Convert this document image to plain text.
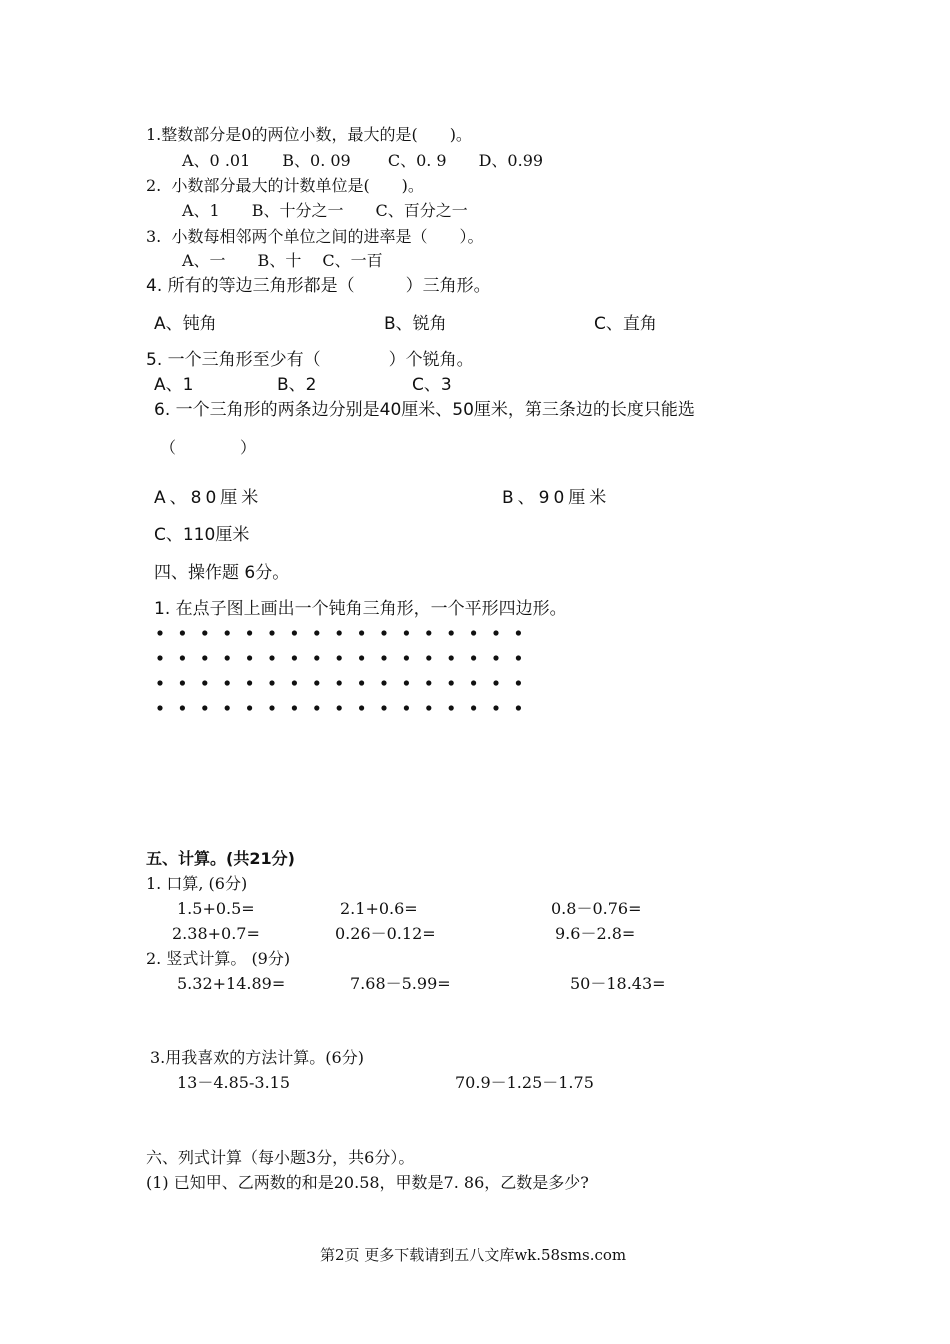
1.整数部分是0的两位小数，最大的是(　　)。
A、0 .01　　B、0. 09　　 C、0. 9　　D、0.99
2.  小数部分最大的计数单位是(　　)。
A、1　　B、十分之一　　C、百分之一
3.  小数每相邻两个单位之间的进率是（　　）。
A、一　　B、十　 C、一百
4. 所有的等边三角形都是（　　　）三角形。
A、钝角	B、锐角	C、直角
5. 一个三角形至少有（　　　　）个锐角。
A、1	B、2	C、3
6. 一个三角形的两条边分别是40厘米、50厘米，第三条边的长度只能选
（　　　　）
A、80厘米	B、90厘米
C、110厘米
四、操作题 6分。
1. 在点子图上画出一个钝角三角形，一个平形四边形。
五、计算。(共21分)
1. 口算, (6分)
1.5+0.5=	2.1+0.6=	0.8－0.76=
2.38+0.7=	0.26－0.12=	9.6－2.8=
2. 竖式计算。 (9分)
5.32+14.89=	7.68－5.99=	50－18.43=
3.用我喜欢的方法计算。(6分)
13－4.85-3.15	70.9－1.25－1.75
六、列式计算（每小题3分，共6分）。
(1) 已知甲、乙两数的和是20.58，甲数是7. 86，乙数是多少?
第2页 更多下载请到五八文库wk.58sms.com
